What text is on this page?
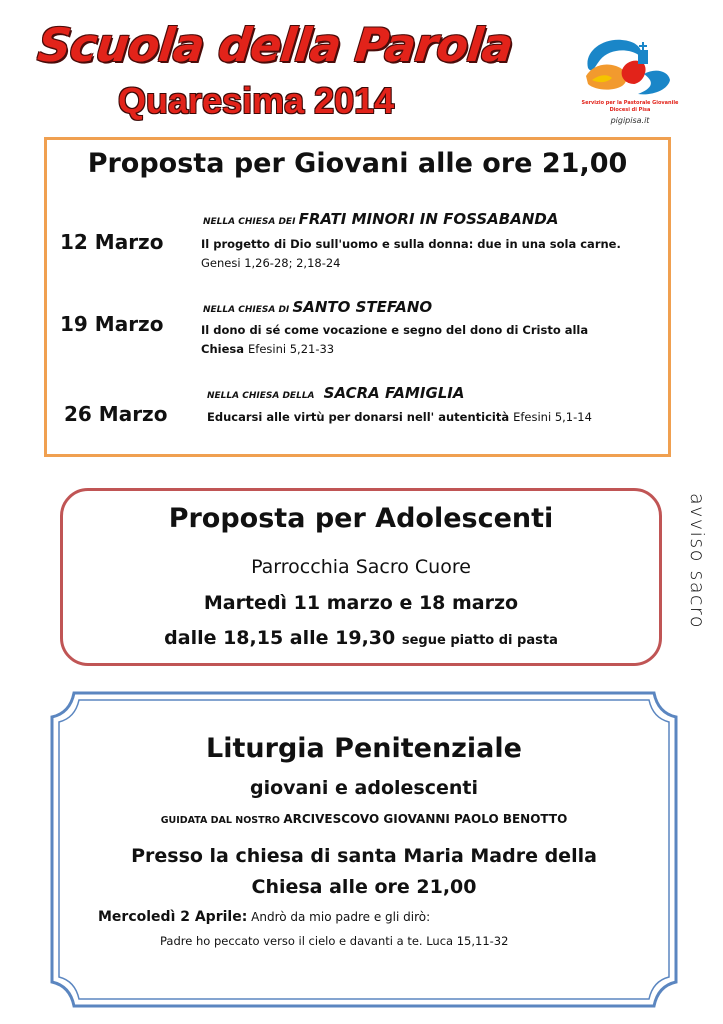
Scuola della Parola
Quaresima 2014	Servizio per la Pastorale Giovanile
Diocesi di Pisa
pigipisa.it
Proposta per Giovani alle ore 21,00
NELLA CHIESA DEI FRATI MINORI IN FOSSABANDA
12 Marzo	Il progetto di Dio sull'uomo e sulla donna: due in una sola carne.
Genesi 1,26-28; 2,18-24
NELLA CHIESA DI SANTO STEFANO
19 Marzo	Il dono di sé come vocazione e segno del dono di Cristo alla
Chiesa Efesini 5,21-33
NELLA CHIESA DELLA SACRA FAMIGLIA
26 Marzo	Educarsi alle virtù per donarsi nell' autenticità Efesini 5,1-14
Proposta per Adolescenti
Parrocchia Sacro Cuore
Martedì 11 marzo e 18 marzo
dalle 18,15 alle 19,30 segue piatto di pasta
avviso sacro
Liturgia Penitenziale
giovani e adolescenti
GUIDATA DAL NOSTRO ARCIVESCOVO GIOVANNI PAOLO BENOTTO
Presso la chiesa di santa Maria Madre della
Chiesa alle ore 21,00
Mercoledì 2 Aprile: Andrò da mio padre e gli dirò:
Padre ho peccato verso il cielo e davanti a te. Luca 15,11-32
